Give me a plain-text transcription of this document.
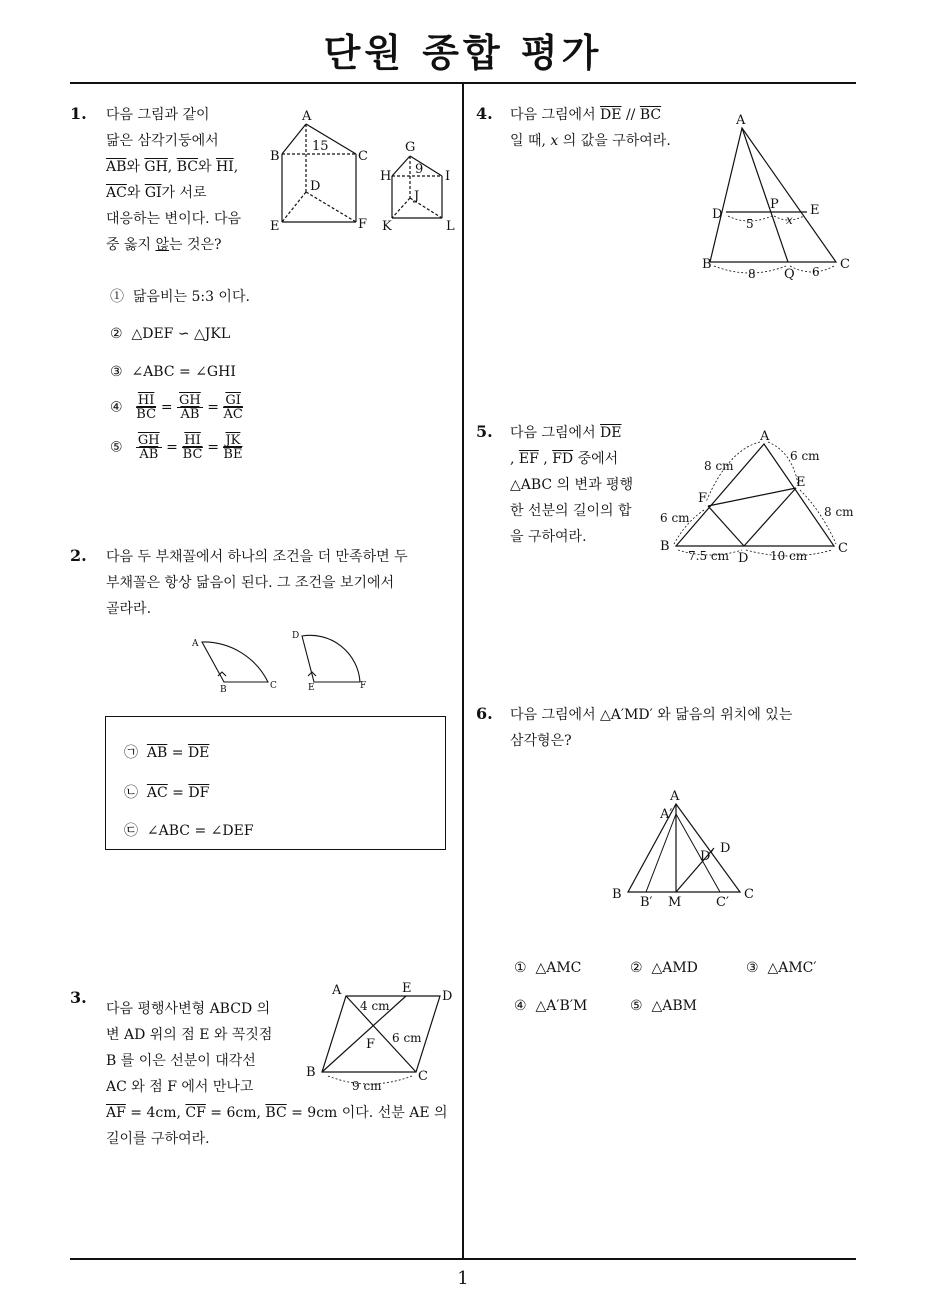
단원 종합 평가
1
1. 다음 그림과 같이
닮은 삼각기둥에서
$\overline{AB}$와 $\overline{GH}$, $\overline{BC}$와 $\overline{HI}$,
$\overline{AC}$와 $\overline{GI}$가 서로
대응하는 변이다. 다음
중 옳지 않는 것은?
A
B	C
D
E	F
15	G
H	I
J
K	L
9
① 닮음비는 5:3 이다.
② △DEF ∽ △JKL
③ ∠ABC = ∠GHI
④ $\frac{\overline{HI}}{BC} = \frac{\overline{GH}}{AB} = \frac{\overline{GI}}{AC}$
⑤ $\frac{\overline{GH}}{AB} = \frac{\overline{HI}}{BC} = \frac{\overline{JK}}{BE}$
2. 다음 두 부채꼴에서 하나의 조건을 더 만족하면 두
부채꼴은 항상 닮음이 된다. 그 조건을 보기에서
골라라.
A
B	C
D
E	F
㉠ $\overline{AB} = \overline{DE}$
㉡ $\overline{AC} = \overline{DF}$
㉢ ∠ABC = ∠DEF
3.
다음 평행사변형 ABCD 의
변 AD 위의 점 E 와 꼭짓점
B 를 이은 선분이 대각선
AC 와 점 F 에서 만나고
$\overline{AF} = 4cm$, $\overline{CF} = 6cm$, $\overline{BC} = 9cm$ 이다. 선분 AE 의
길이를 구하여라.
A	E
D
B	C
F
4 cm
6 cm
9 cm
4. 다음 그림에서 $\overline{DE} // \overline{BC}$
일 때, x 의 값을 구하여라.
A
D	E
P
B	C
Q
5	x
8	6
5. 다음 그림에서 $\overline{DE}$
, $\overline{EF}$ , $\overline{FD}$ 중에서
△ABC 의 변과 평행
한 선분의 길이의 합
을 구하여라.
A
F
E
B	C
D
8 cm
6 cm
6 cm	8 cm
7.5 cm	10 cm
6. 다음 그림에서 △A′MD′ 와 닮음의 위치에 있는
삼각형은?
A
A′
D
D′
B
B′ M	C′
C
① △AMC	② △AMD	③ △AMC′
④ △A′B′M	⑤ △ABM
